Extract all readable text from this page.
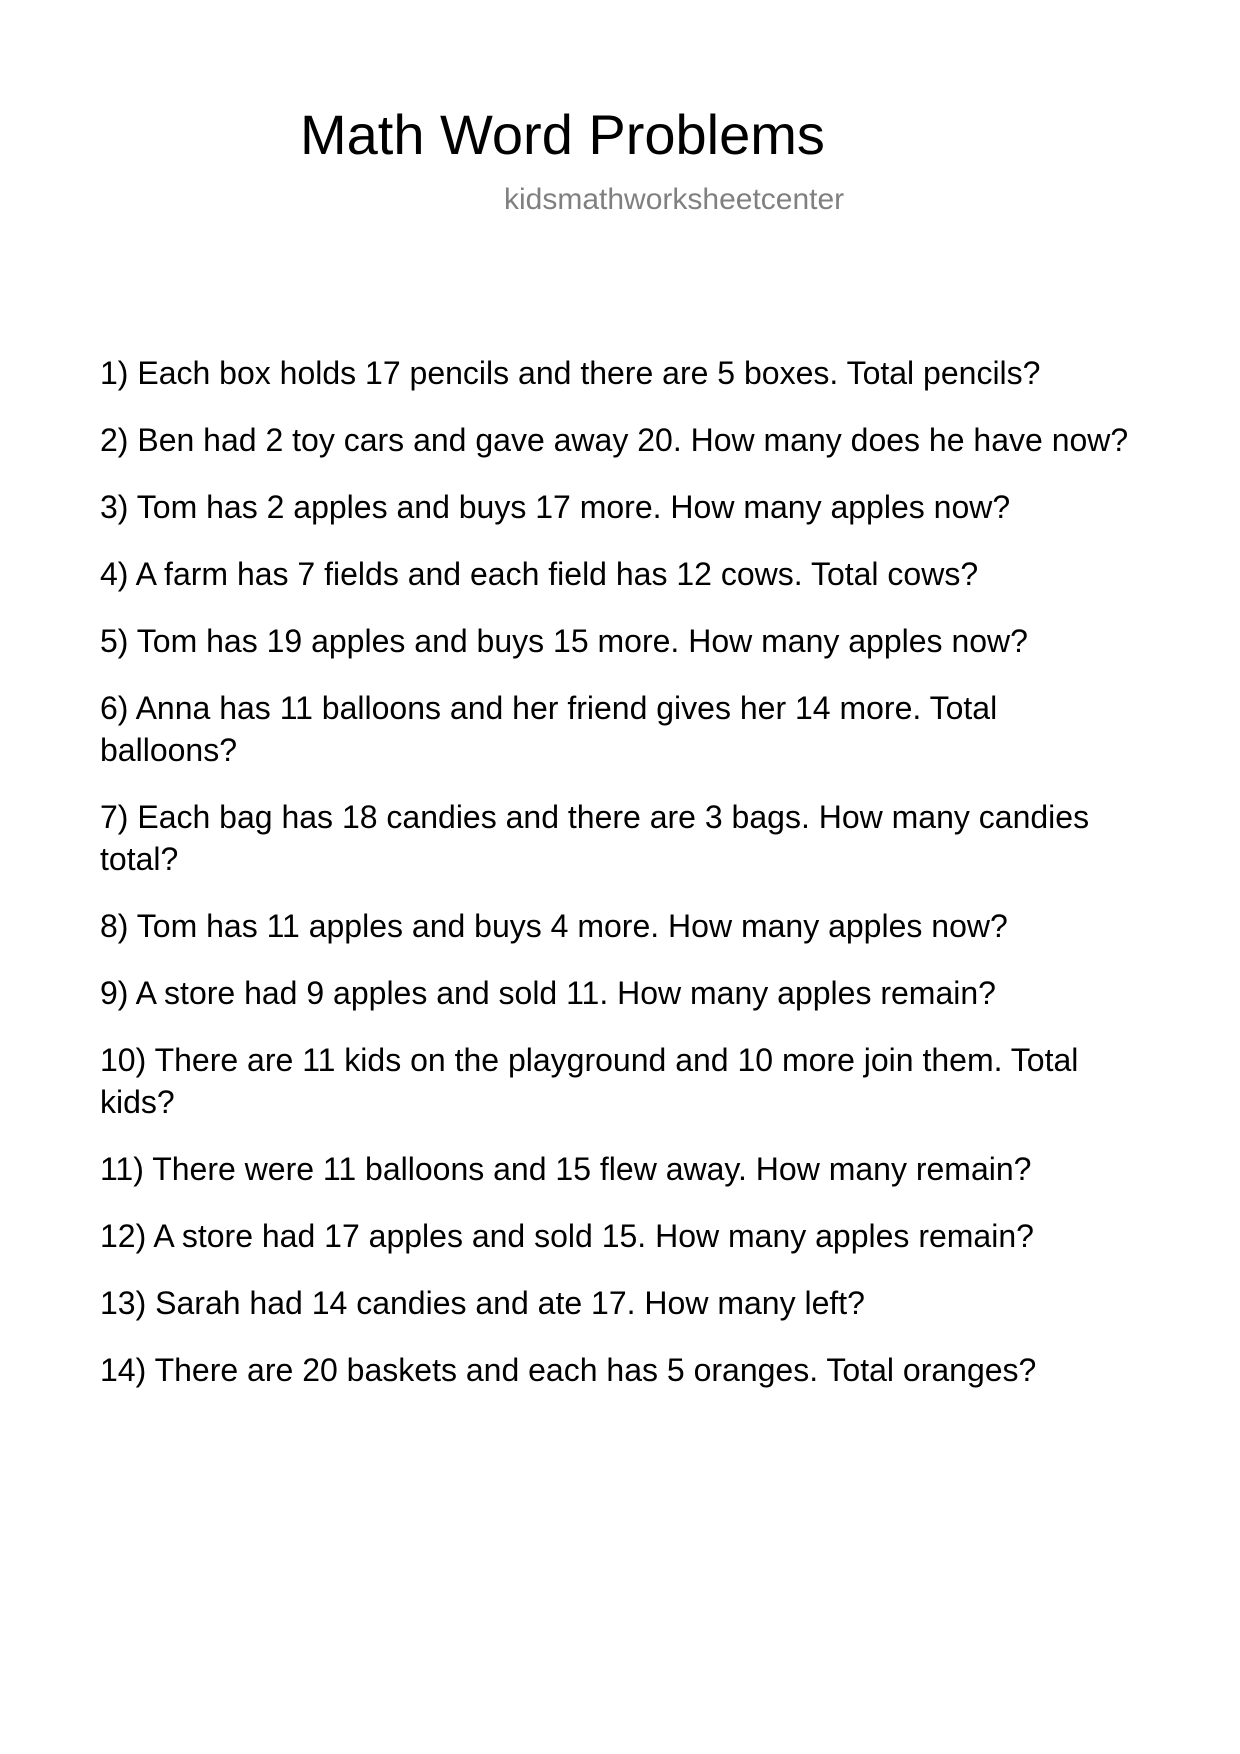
Math Word Problems
kidsmathworksheetcenter
1) Each box holds 17 pencils and there are 5 boxes. Total pencils?
2) Ben had 2 toy cars and gave away 20. How many does he have now?
3) Tom has 2 apples and buys 17 more. How many apples now?
4) A farm has 7 fields and each field has 12 cows. Total cows?
5) Tom has 19 apples and buys 15 more. How many apples now?
6) Anna has 11 balloons and her friend gives her 14 more. Total balloons?
7) Each bag has 18 candies and there are 3 bags. How many candies total?
8) Tom has 11 apples and buys 4 more. How many apples now?
9) A store had 9 apples and sold 11. How many apples remain?
10) There are 11 kids on the playground and 10 more join them. Total kids?
11) There were 11 balloons and 15 flew away. How many remain?
12) A store had 17 apples and sold 15. How many apples remain?
13) Sarah had 14 candies and ate 17. How many left?
14) There are 20 baskets and each has 5 oranges. Total oranges?
